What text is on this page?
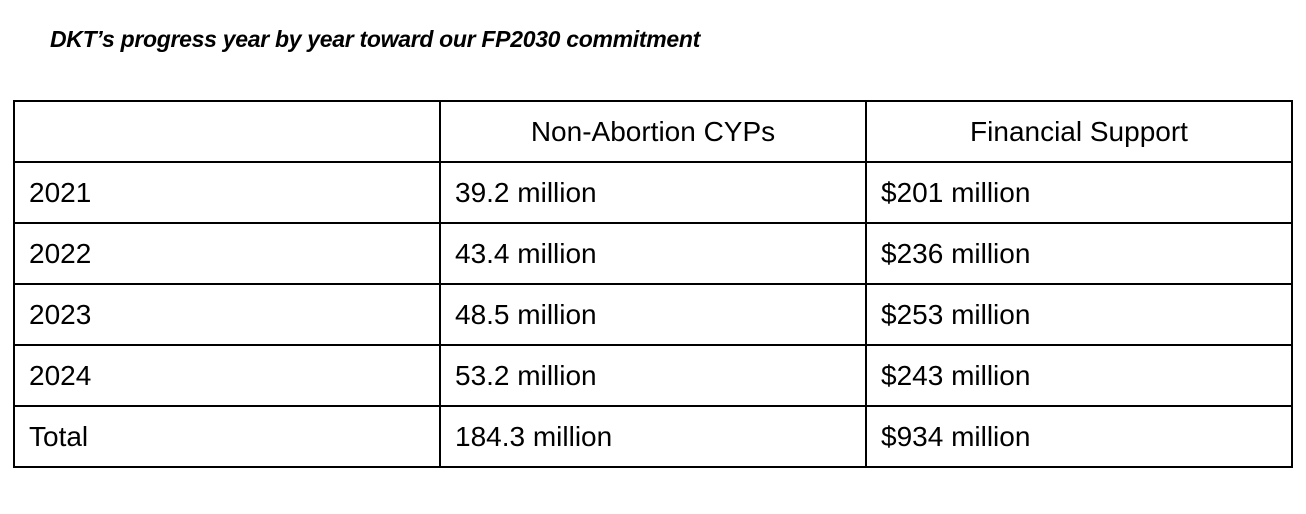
DKT’s progress year by year toward our FP2030 commitment

	Non-Abortion CYPs	Financial Support
2021	39.2 million	$201 million
2022	43.4 million	$236 million
2023	48.5 million	$253 million
2024	53.2 million	$243 million
Total	184.3 million	$934 million
